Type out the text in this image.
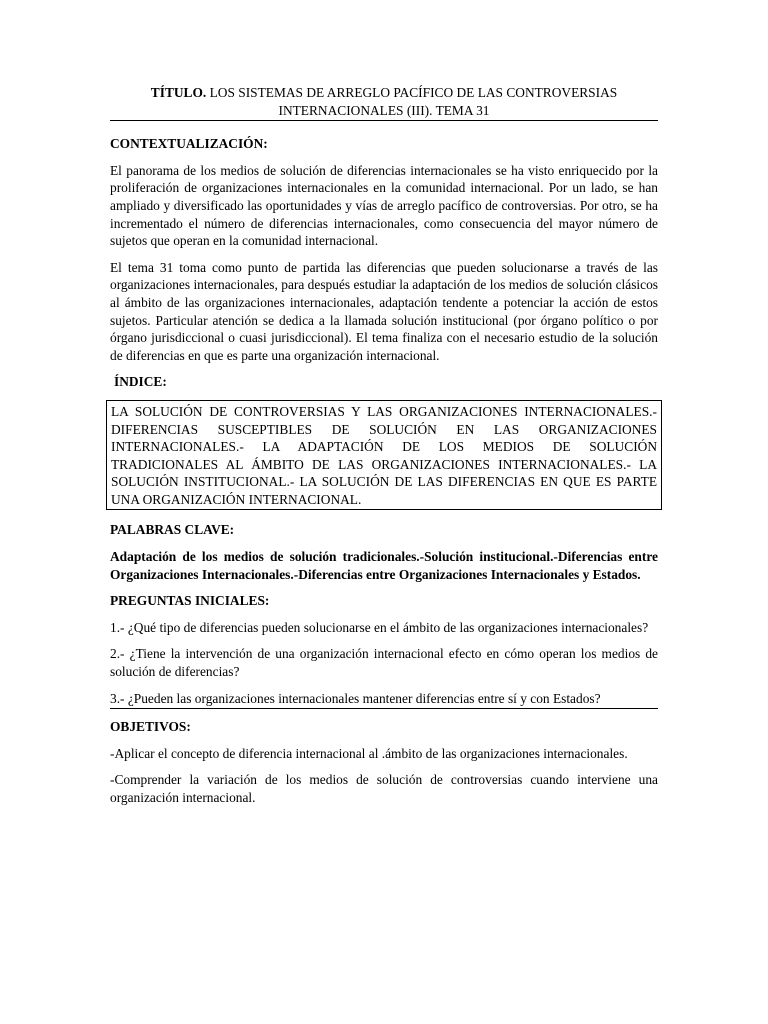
TÍTULO. LOS SISTEMAS DE ARREGLO PACÍFICO DE LAS CONTROVERSIAS INTERNACIONALES (III). TEMA 31
CONTEXTUALIZACIÓN:

El panorama de los medios de solución de diferencias internacionales se ha visto enriquecido por la proliferación de organizaciones internacionales en la comunidad internacional. Por un lado, se han ampliado y diversificado las oportunidades y vías de arreglo pacífico de controversias. Por otro, se ha incrementado el número de diferencias internacionales, como consecuencia del mayor número de sujetos que operan en la comunidad internacional.

El tema 31 toma como punto de partida las diferencias que pueden solucionarse a través de las organizaciones internacionales, para después estudiar la adaptación de los medios de solución clásicos al ámbito de las organizaciones internacionales, adaptación tendente a potenciar la acción de estos sujetos. Particular atención se dedica a la llamada solución institucional (por órgano político o por órgano jurisdiccional o cuasi jurisdiccional). El tema finaliza con el necesario estudio de la solución de diferencias en que es parte una organización internacional.

ÍNDICE:
LA SOLUCIÓN DE CONTROVERSIAS Y LAS ORGANIZACIONES INTERNACIONALES.- DIFERENCIAS SUSCEPTIBLES DE SOLUCIÓN EN LAS ORGANIZACIONES INTERNACIONALES.- LA ADAPTACIÓN DE LOS MEDIOS DE SOLUCIÓN TRADICIONALES AL ÁMBITO DE LAS ORGANIZACIONES INTERNACIONALES.- LA SOLUCIÓN INSTITUCIONAL.- LA SOLUCIÓN DE LAS DIFERENCIAS EN QUE ES PARTE UNA ORGANIZACIÓN INTERNACIONAL.
PALABRAS CLAVE:

Adaptación de los medios de solución tradicionales.-Solución institucional.-Diferencias entre Organizaciones Internacionales.-Diferencias entre Organizaciones Internacionales y Estados.

PREGUNTAS INICIALES:

1.- ¿Qué tipo de diferencias pueden solucionarse en el ámbito de las organizaciones internacionales?

2.- ¿Tiene la intervención de una organización internacional efecto en cómo operan los medios de solución de diferencias?

3.- ¿Pueden las organizaciones internacionales mantener diferencias entre sí y con Estados?

OBJETIVOS:

-Aplicar el concepto de diferencia internacional al .ámbito de las organizaciones internacionales.

-Comprender la variación de los medios de solución de controversias cuando interviene una organización internacional.
